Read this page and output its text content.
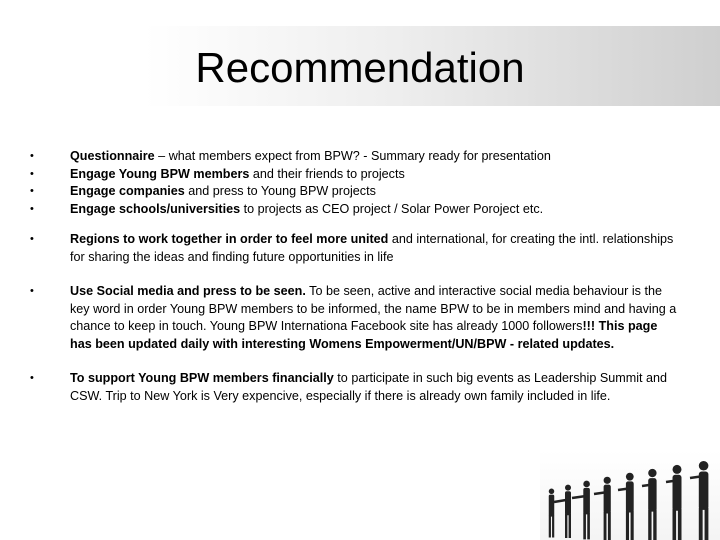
Recommendation
•	Questionnaire – what members expect from BPW? - Summary ready for presentation
•	Engage Young BPW members and their friends to projects
•	Engage companies and press to Young BPW projects
•	Engage schools/universities to projects as CEO project / Solar Power Poroject etc.
•	Regions to work together in order to feel more united and international, for creating the intl. relationships for sharing the ideas and finding future opportunities in life
•	Use Social media and press to be seen. To be seen, active and interactive social media behaviour is the key word in order Young BPW members to be informed, the name BPW to be in members mind and having a chance to keep in touch. Young BPW Internationa Facebook site has already 1000 followers!!! This page has been updated daily with interesting Womens Empowerment/UN/BPW - related updates.
•	To support Young BPW members financially to participate in such big events as Leadership Summit and CSW. Trip to New York is Very expencive, especially if there is already own family included in life.
